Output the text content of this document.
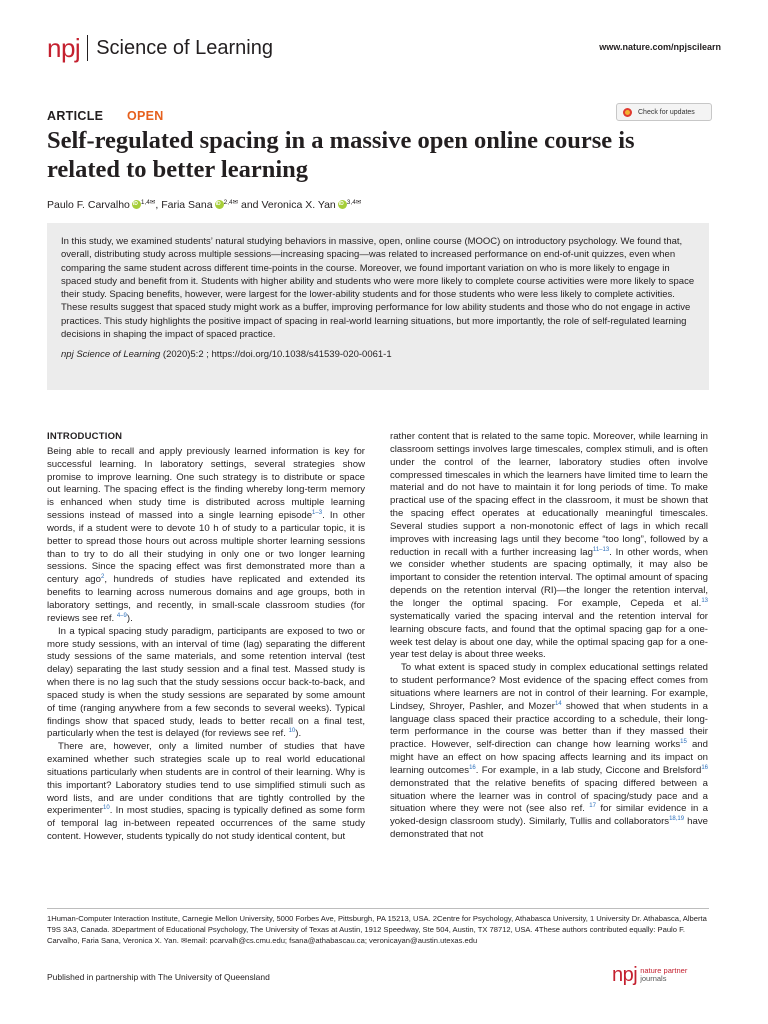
npj Science of Learning	www.nature.com/npjscilearn
ARTICLE OPEN	Check for updates
Self-regulated spacing in a massive open online course is related to better learning
Paulo F. Carvalho iD $^{1,4✉}$, Faria Sana iD $^{2,4✉}$ and Veronica X. Yan iD $^{3,4✉}$

In this study, we examined students’ natural studying behaviors in massive, open, online course (MOOC) on introductory psychology. We found that, overall, distributing study across multiple sessions—increasing spacing—was related to increased performance on end-of-unit quizzes, even when comparing the same student across different time-points in the course. Moreover, we found important variation on who is more likely to engage in spaced study and benefit from it. Students with higher ability and students who were more likely to complete course activities were more likely to space their study. Spacing benefits, however, were largest for the lower-ability students and for those students who were less likely to complete activities. These results suggest that spaced study might work as a buffer, improving performance for low ability students and those who do not engage in active practices. This study highlights the positive impact of spacing in real-world learning situations, but more importantly, the role of self-regulated learning decisions in shaping the impact of spaced practice.

npj Science of Learning (2020)5:2 ; https://doi.org/10.1038/s41539-020-0061-1

INTRODUCTION

Being able to recall and apply previously learned information is key for successful learning. In laboratory settings, several strategies show promise to improve learning. One such strategy is to distribute or space out learning. The spacing effect is the finding whereby long-term memory is enhanced when study time is distributed across multiple learning sessions instead of massed into a single learning episode$^{1-3}$. In other words, if a student were to devote 10 h of study to a particular topic, it is better to spread those hours out across multiple shorter learning sessions than to try to do all their studying in only one or two longer learning sessions. Since the spacing effect was first demonstrated more than a century ago$^2$, hundreds of studies have replicated and extended its benefits to learning across numerous domains and age groups, both in laboratory settings, and recently, in small-scale classroom studies (for reviews see ref. $^{4-9}$).

In a typical spacing study paradigm, participants are exposed to two or more study sessions, with an interval of time (lag) separating the different study sessions of the same materials, and some retention interval (test delay) separating the last study session and a final test. Massed study is when there is no lag such that the study sessions occur back-to-back, and spaced study is when the study sessions are separated by some amount of time (ranging anywhere from a few seconds to several weeks). Typical findings show that spaced study, leads to better recall on a final test, particularly when the test is delayed (for reviews see ref. $^{10}$).

There are, however, only a limited number of studies that have examined whether such strategies scale up to real world educational situations particularly when students are in control of their learning. Why is this important? Laboratory studies tend to use simplified stimuli such as word lists, and are under conditions that are tightly controlled by the experimenter$^{10}$. In most studies, spacing is typically defined as some form of temporal lag in-between repeated occurrences of the same study content. However, students typically do not study identical content, but

rather content that is related to the same topic. Moreover, while learning in classroom settings involves large timescales, complex stimuli, and is often under the control of the learner, laboratory studies often involve compressed timescales in which the learners have limited time to learn the material and do not have to maintain it for long periods of time. To make practical use of the spacing effect in the classroom, it must be shown that the spacing effect operates at educationally meaningful timescales. Several studies support a non-monotonic effect of lags in which recall improves with increasing lags until they become “too long”, followed by a reduction in recall with a further increasing lag$^{11-13}$. In other words, when we consider whether students are spacing optimally, it may also be important to consider the retention interval. The optimal amount of spacing depends on the retention interval (RI)—the longer the retention interval, the longer the optimal spacing. For example, Cepeda et al.$^{13}$ systematically varied the spacing interval and the retention interval for learning obscure facts, and found that the optimal spacing gap for a one-week test delay is about one day, while the optimal spacing gap for a one-year test delay is about three weeks.

To what extent is spaced study in complex educational settings related to student performance? Most evidence of the spacing effect comes from situations where learners are not in control of their learning. For example, Lindsey, Shroyer, Pashler, and Mozer$^{14}$ showed that when students in a language class spaced their practice according to a schedule, their long-term performance in the course was better than if they massed their practice. However, self-direction can change how learning works$^{15}$ and might have an effect on how spacing affects learning and its impact on learning outcomes$^{16}$. For example, in a lab study, Ciccone and Brelsford$^{16}$ demonstrated that the relative benefits of spacing differed between a situation where the learner was in control of spacing/study pace and a situation where they were not (see also ref. $^{17}$ for similar evidence in a yoked-design classroom study). Similarly, Tullis and collaborators$^{18,19}$ have demonstrated that not

1Human-Computer Interaction Institute, Carnegie Mellon University, 5000 Forbes Ave, Pittsburgh, PA 15213, USA. 2Centre for Psychology, Athabasca University, 1 University Dr. Athabasca, Alberta T9S 3A3, Canada. 3Department of Educational Psychology, The University of Texas at Austin, 1912 Speedway, Ste 504, Austin, TX 78712, USA. 4These authors contributed equally: Paulo F. Carvalho, Faria Sana, Veronica X. Yan. ✉email: pcarvalh@cs.cmu.edu; fsana@athabascau.ca; veronicayan@austin.utexas.edu

Published in partnership with The University of Queensland	npj nature partner
journals
